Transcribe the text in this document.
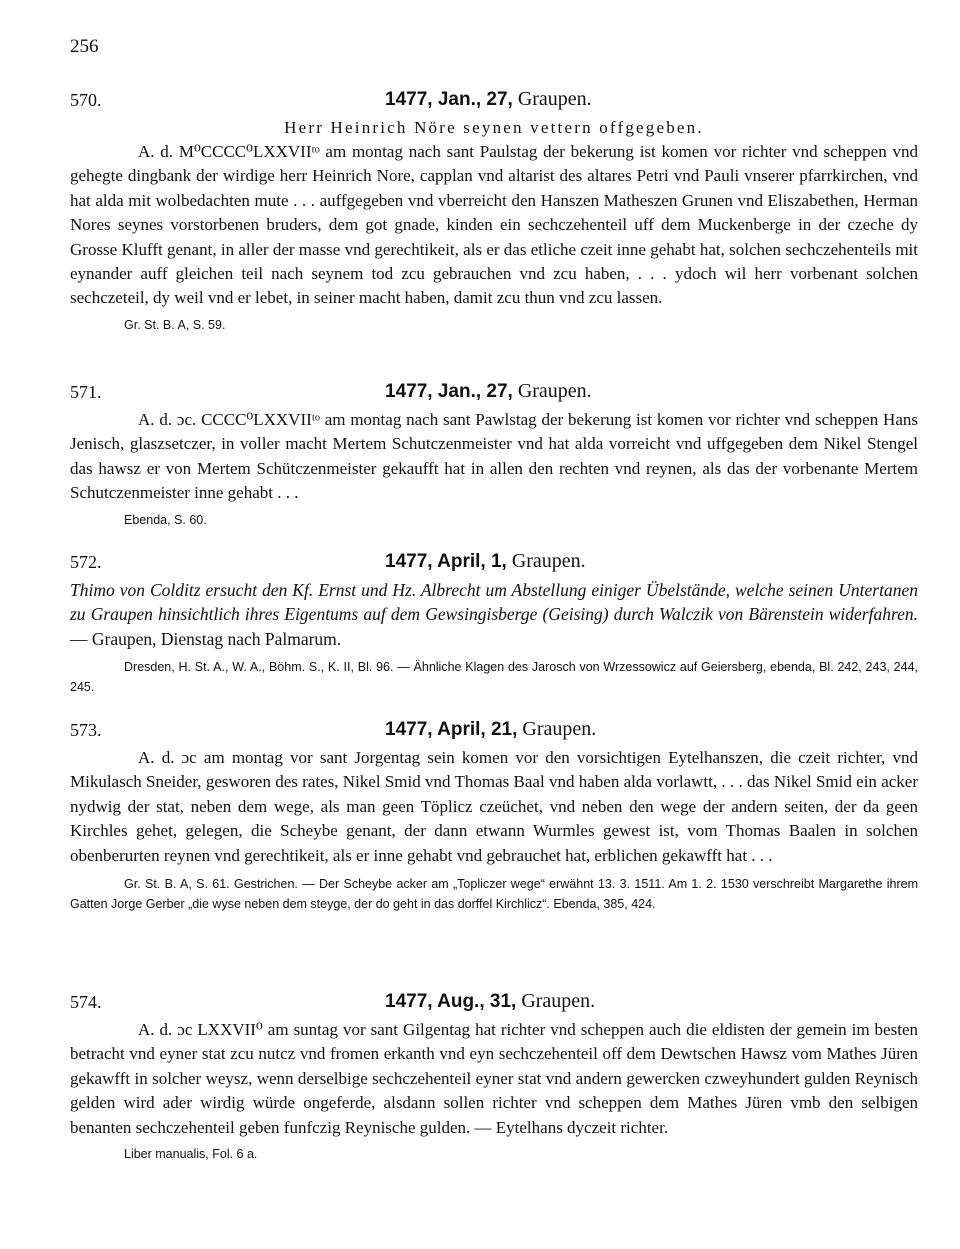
256
570.	1477, Jan., 27, Graupen.

Herr Heinrich Nöre seynen vettern offgegeben.

A. d. M⁰CCCC⁰LXXVIIᵗᵒ am montag nach sant Paulstag der bekerung ist komen vor richter vnd scheppen vnd gehegte dingbank der wirdige herr Heinrich Nore, capplan vnd altarist des altares Petri vnd Pauli vnserer pfarrkirchen, vnd hat alda mit wolbedachten mute . . . auffgegeben vnd vberreicht den Hanszen Matheszen Grunen vnd Eliszabethen, Herman Nores seynes vorstorbenen bruders, dem got gnade, kinden ein sechczehenteil uff dem Muckenberge in der czeche dy Grosse Klufft genant, in aller der masse vnd gerechtikeit, als er das etliche czeit inne gehabt hat, solchen sechczehenteils mit eynander auff gleichen teil nach seynem tod zcu gebrauchen vnd zcu haben, . . . ydoch wil herr vorbenant solchen sechczeteil, dy weil vnd er lebet, in seiner macht haben, damit zcu thun vnd zcu lassen.

Gr. St. B. A, S. 59.

571.	1477, Jan., 27, Graupen.

A. d. ɔc. CCCC⁰LXXVIIᵗᵒ am montag nach sant Pawlstag der bekerung ist komen vor richter vnd scheppen Hans Jenisch, glaszsetczer, in voller macht Mertem Schutczenmeister vnd hat alda vorreicht vnd uffgegeben dem Nikel Stengel das hawsz er von Mertem Schütczenmeister gekaufft hat in allen den rechten vnd reynen, als das der vorbenante Mertem Schutczenmeister inne gehabt . . .

Ebenda, S. 60.

572.	1477, April, 1, Graupen.

Thimo von Colditz ersucht den Kf. Ernst und Hz. Albrecht um Abstellung einiger Übelstände, welche seinen Untertanen zu Graupen hinsichtlich ihres Eigentums auf dem Gewsingisberge (Geising) durch Walczik von Bärenstein widerfahren. — Graupen, Dienstag nach Palmarum.

Dresden, H. St. A., W. A., Böhm. S., K. II, Bl. 96. — Ähnliche Klagen des Jarosch von Wrzessowicz auf Geiersberg, ebenda, Bl. 242, 243, 244, 245.

573.	1477, April, 21, Graupen.

A. d. ɔc am montag vor sant Jorgentag sein komen vor den vorsichtigen Eytelhanszen, die czeit richter, vnd Mikulasch Sneider, gesworen des rates, Nikel Smid vnd Thomas Baal vnd haben alda vorlawtt, . . . das Nikel Smid ein acker nydwig der stat, neben dem wege, als man geen Töplicz czeüchet, vnd neben den wege der andern seiten, der da geen Kirchles gehet, gelegen, die Scheybe genant, der dann etwann Wurmles gewest ist, vom Thomas Baalen in solchen obenberurten reynen vnd gerechtikeit, als er inne gehabt vnd gebrauchet hat, erblichen gekawfft hat . . .

Gr. St. B. A, S. 61. Gestrichen. — Der Scheybe acker am „Topliczer wege“ erwähnt 13. 3. 1511. Am 1. 2. 1530 verschreibt Margarethe ihrem Gatten Jorge Gerber „die wyse neben dem steyge, der do geht in das dorffel Kirchlicz“. Ebenda, 385, 424.

574.	1477, Aug., 31, Graupen.

A. d. ɔc LXXVII⁰ am suntag vor sant Gilgentag hat richter vnd scheppen auch die eldisten der gemein im besten betracht vnd eyner stat zcu nutcz vnd fromen erkanth vnd eyn sechczehenteil off dem Dewtschen Hawsz vom Mathes Jüren gekawfft in solcher weysz, wenn derselbige sechczehenteil eyner stat vnd andern gewercken czweyhundert gulden Reynisch gelden wird ader wirdig würde ongeferde, alsdann sollen richter vnd scheppen dem Mathes Jüren vmb den selbigen benanten sechczehenteil geben funfczig Reynische gulden. — Eytelhans dyczeit richter.

Liber manualis, Fol. 6 a.
